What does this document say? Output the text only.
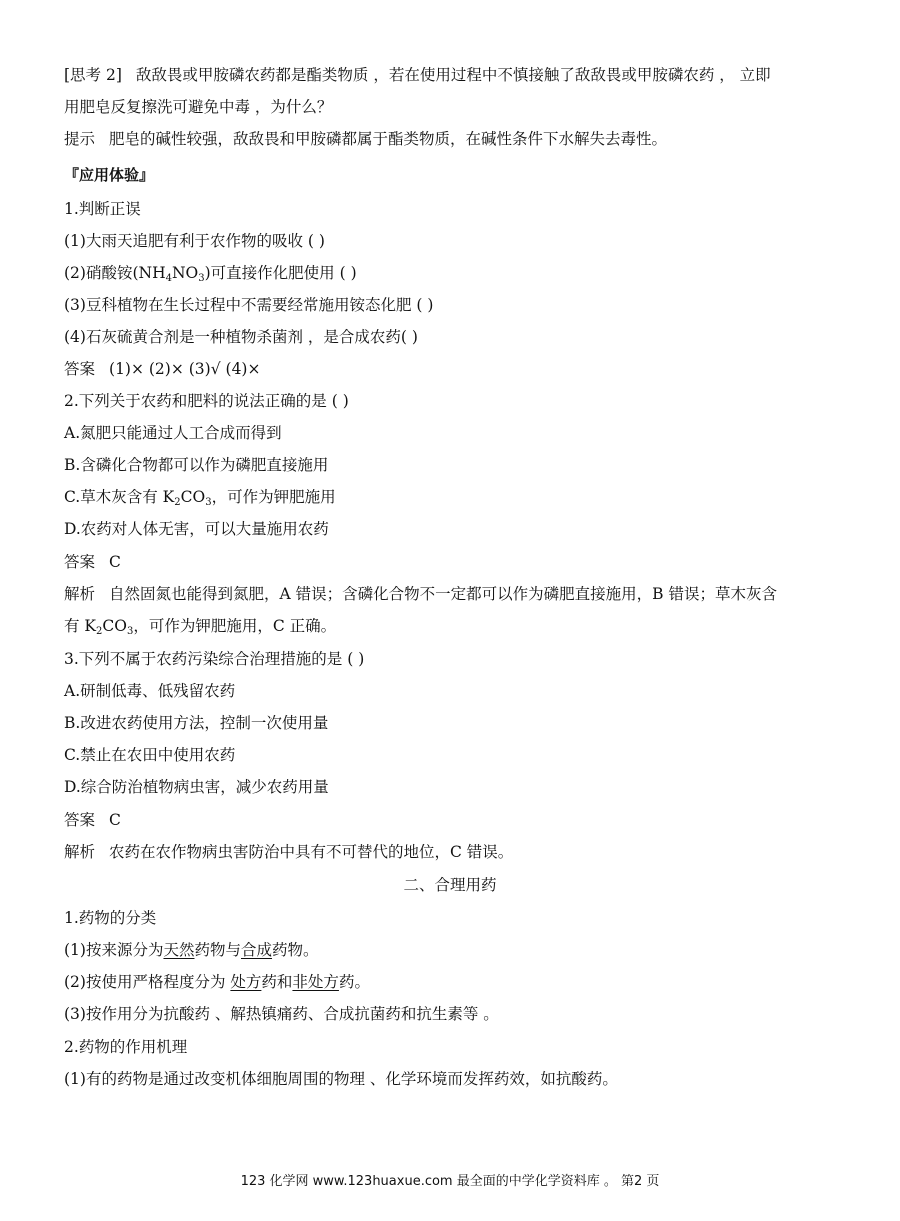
[思考 2] 敌敌畏或甲胺磷农药都是酯类物质 ，若在使用过程中不慎接触了敌敌畏或甲胺磷农药 ， 立即
用肥皂反复擦洗可避免中毒 ，为什么？
提示 肥皂的碱性较强，敌敌畏和甲胺磷都属于酯类物质，在碱性条件下水解失去毒性。
『应用体验』
1.判断正误
(1)大雨天追肥有利于农作物的吸收 ( )
(2)硝酸铵$(NH_4NO_3)$可直接作化肥使用 ( )
(3)豆科植物在生长过程中不需要经常施用铵态化肥 ( )
(4)石灰硫黄合剂是一种植物杀菌剂 ，是合成农药( )
答案 (1)× (2)× (3)√ (4)×
2.下列关于农药和肥料的说法正确的是 ( )
A.氮肥只能通过人工合成而得到
B.含磷化合物都可以作为磷肥直接施用
C.草木灰含有 $K_2CO_3$，可作为钾肥施用
D.农药对人体无害，可以大量施用农药
答案 C
解析 自然固氮也能得到氮肥，A 错误；含磷化合物不一定都可以作为磷肥直接施用，B 错误；草木灰含
有 $K_2CO_3$，可作为钾肥施用，C 正确。
3.下列不属于农药污染综合治理措施的是 ( )
A.研制低毒、低残留农药
B.改进农药使用方法，控制一次使用量
C.禁止在农田中使用农药
D.综合防治植物病虫害，减少农药用量
答案 C
解析 农药在农作物病虫害防治中具有不可替代的地位，C 错误。
二、合理用药
1.药物的分类
(1)按来源分为天然药物与合成药物。
(2)按使用严格程度分为 处方药和非处方药。
(3)按作用分为抗酸药 、解热镇痛药、合成抗菌药和抗生素等 。
2.药物的作用机理
(1)有的药物是通过改变机体细胞周围的物理 、化学环境而发挥药效，如抗酸药。
123 化学网 www.123huaxue.com 最全面的中学化学资料库 。 第2 页
